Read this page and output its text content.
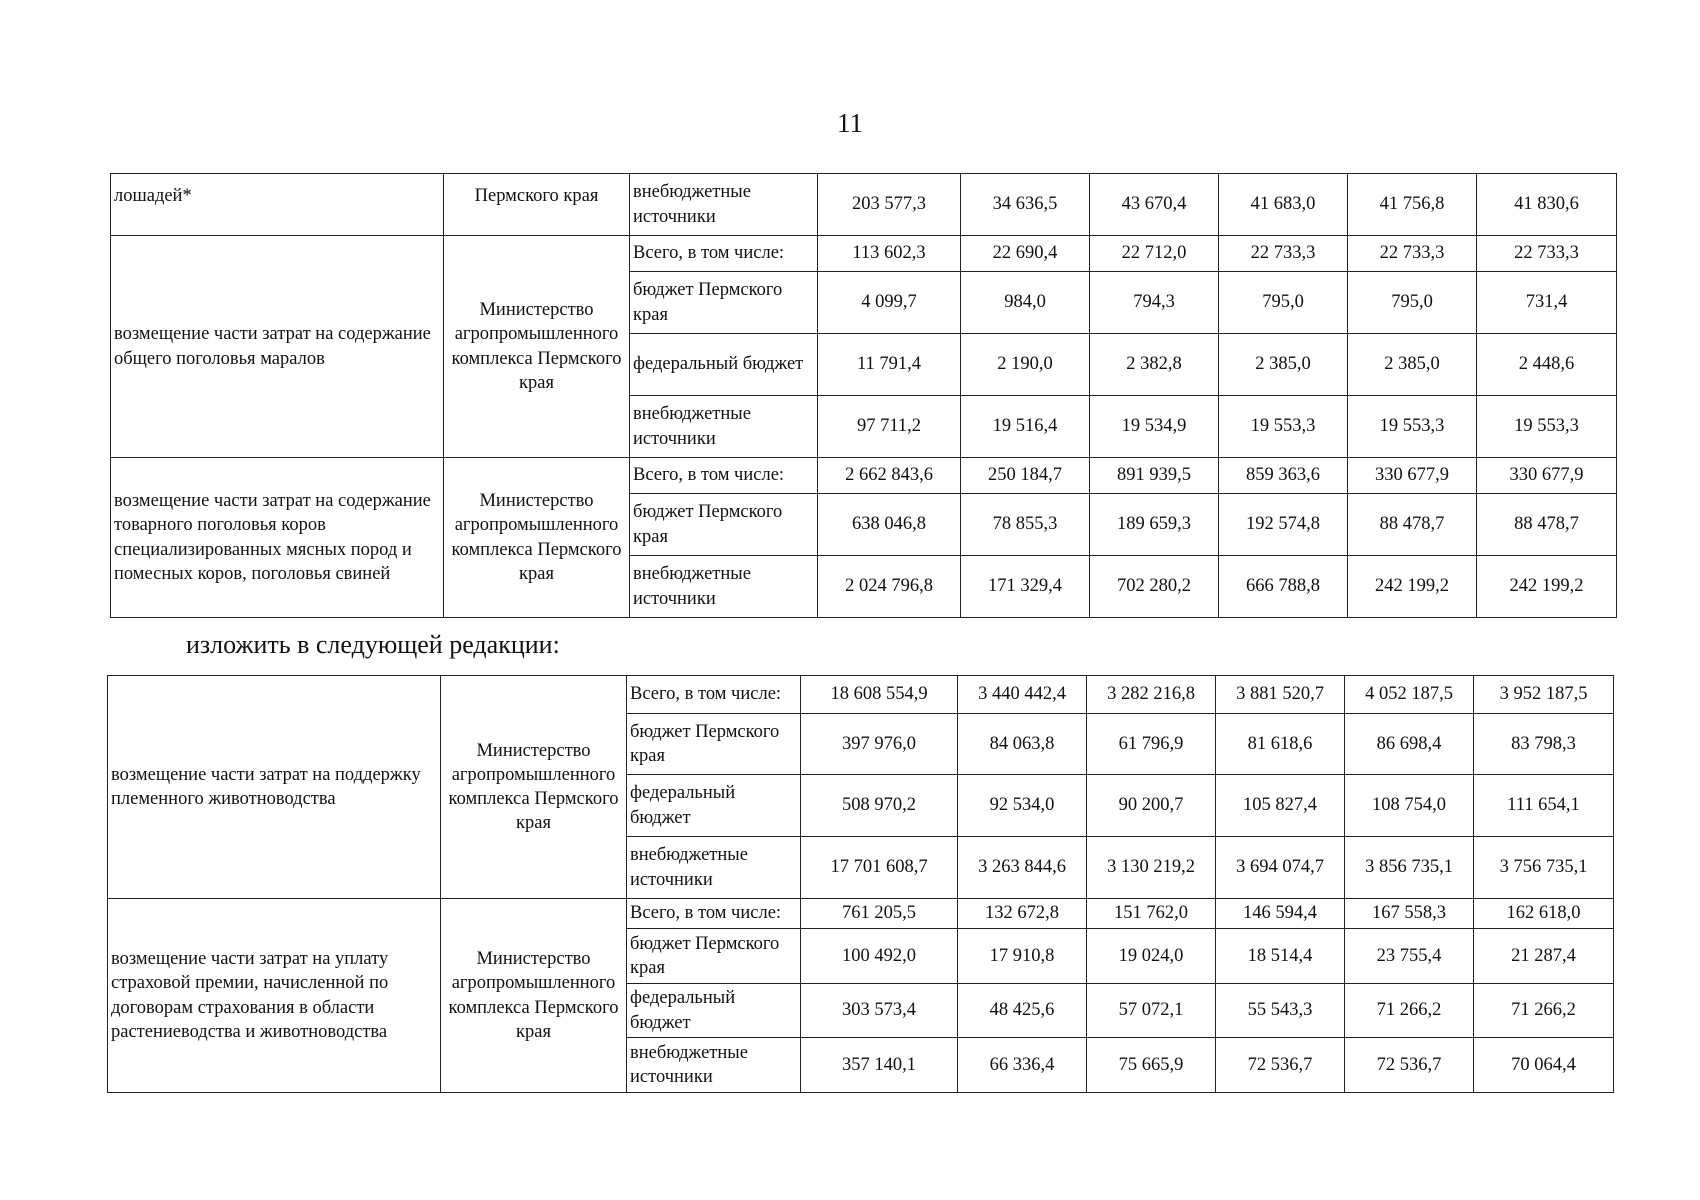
11
лошадей*	Пермского края	внебюджетные источники	203 577,3	34 636,5	43 670,4	41 683,0	41 756,8	41 830,6
возмещение части затрат на содержание общего поголовья маралов	Министерство агропромышленного комплекса Пермского края	Всего, в том числе:	113 602,3	22 690,4	22 712,0	22 733,3	22 733,3	22 733,3
		бюджет Пермского края	4 099,7	984,0	794,3	795,0	795,0	731,4
		федеральный бюджет	11 791,4	2 190,0	2 382,8	2 385,0	2 385,0	2 448,6
		внебюджетные источники	97 711,2	19 516,4	19 534,9	19 553,3	19 553,3	19 553,3
возмещение части затрат на содержание товарного поголовья коров специализированных мясных пород и помесных коров, поголовья свиней	Министерство агропромышленного комплекса Пермского края	Всего, в том числе:	2 662 843,6	250 184,7	891 939,5	859 363,6	330 677,9	330 677,9
		бюджет Пермского края	638 046,8	78 855,3	189 659,3	192 574,8	88 478,7	88 478,7
		внебюджетные источники	2 024 796,8	171 329,4	702 280,2	666 788,8	242 199,2	242 199,2
изложить в следующей редакции:
возмещение части затрат на поддержку племенного животноводства	Министерство агропромышленного комплекса Пермского края	Всего, в том числе:	18 608 554,9	3 440 442,4	3 282 216,8	3 881 520,7	4 052 187,5	3 952 187,5
		бюджет Пермского края	397 976,0	84 063,8	61 796,9	81 618,6	86 698,4	83 798,3
		федеральный бюджет	508 970,2	92 534,0	90 200,7	105 827,4	108 754,0	111 654,1
		внебюджетные источники	17 701 608,7	3 263 844,6	3 130 219,2	3 694 074,7	3 856 735,1	3 756 735,1
возмещение части затрат на уплату страховой премии, начисленной по договорам страхования в области растениеводства и животноводства	Министерство агропромышленного комплекса Пермского края	Всего, в том числе:	761 205,5	132 672,8	151 762,0	146 594,4	167 558,3	162 618,0
		бюджет Пермского края	100 492,0	17 910,8	19 024,0	18 514,4	23 755,4	21 287,4
		федеральный бюджет	303 573,4	48 425,6	57 072,1	55 543,3	71 266,2	71 266,2
		внебюджетные источники	357 140,1	66 336,4	75 665,9	72 536,7	72 536,7	70 064,4
